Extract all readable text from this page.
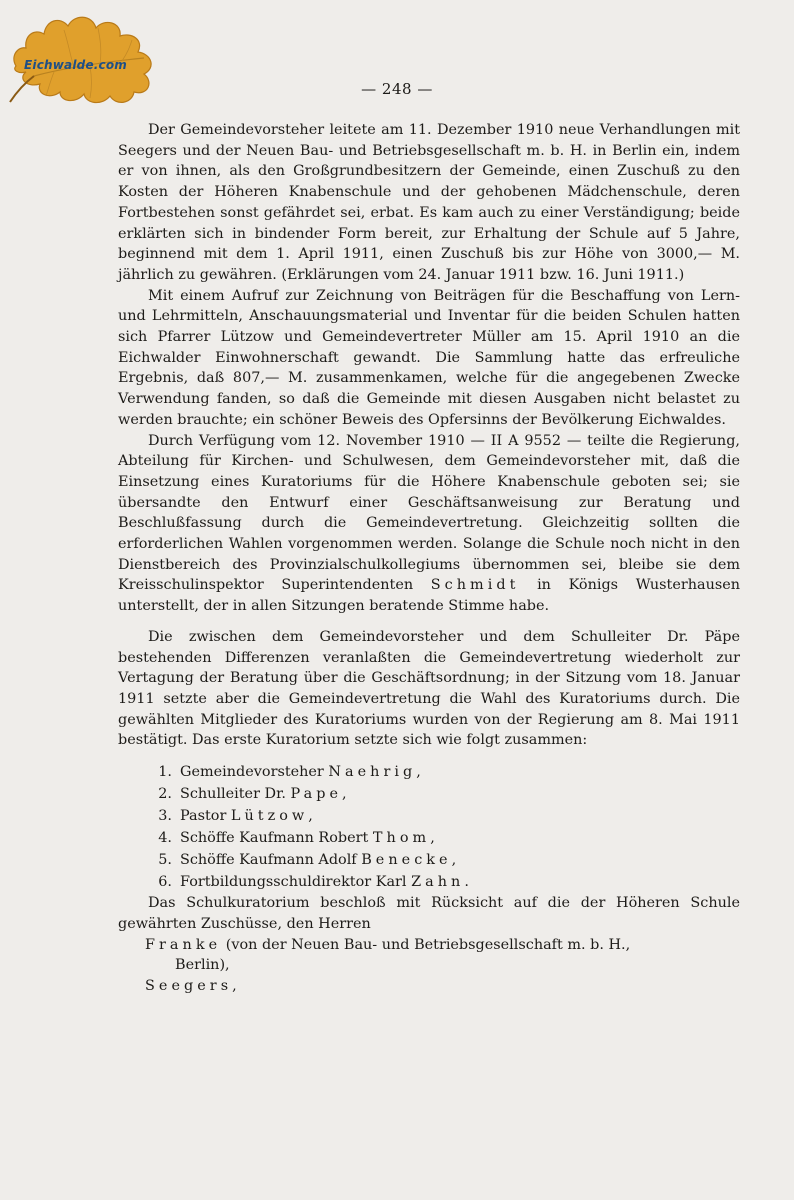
Eichwalde.com
— 248 —

Der Gemeindevorsteher leitete am 11. Dezember 1910 neue Verhandlungen mit Seegers und der Neuen Bau- und Betriebsgesellschaft m. b. H. in Berlin ein, indem er von ihnen, als den Großgrundbesitzern der Gemeinde, einen Zuschuß zu den Kosten der Höheren Knabenschule und der gehobenen Mädchenschule, deren Fortbestehen sonst gefährdet sei, erbat. Es kam auch zu einer Verständigung; beide erklärten sich in bindender Form bereit, zur Erhaltung der Schule auf 5 Jahre, beginnend mit dem 1. April 1911, einen Zuschuß bis zur Höhe von 3000,— M. jährlich zu gewähren. (Erklärungen vom 24. Januar 1911 bzw. 16. Juni 1911.)

Mit einem Aufruf zur Zeichnung von Beiträgen für die Beschaffung von Lern- und Lehrmitteln, Anschauungsmaterial und Inventar für die beiden Schulen hatten sich Pfarrer Lützow und Gemeindevertreter Müller am 15. April 1910 an die Eichwalder Einwohnerschaft gewandt. Die Sammlung hatte das erfreuliche Ergebnis, daß 807,— M. zusammenkamen, welche für die angegebenen Zwecke Verwendung fanden, so daß die Gemeinde mit diesen Ausgaben nicht belastet zu werden brauchte; ein schöner Beweis des Opfersinns der Bevölkerung Eichwaldes.

Durch Verfügung vom 12. November 1910 — II A 9552 — teilte die Regierung, Abteilung für Kirchen- und Schulwesen, dem Gemeindevorsteher mit, daß die Einsetzung eines Kuratoriums für die Höhere Knabenschule geboten sei; sie übersandte den Entwurf einer Geschäftsanweisung zur Beratung und Beschlußfassung durch die Gemeindevertretung. Gleichzeitig sollten die erforderlichen Wahlen vorgenommen werden. Solange die Schule noch nicht in den Dienstbereich des Provinzialschulkollegiums übernommen sei, bleibe sie dem Kreisschulinspektor Superintendenten Schmidt in Königs Wusterhausen unterstellt, der in allen Sitzungen beratende Stimme habe.

Die zwischen dem Gemeindevorsteher und dem Schulleiter Dr. Päpe bestehenden Differenzen veranlaßten die Gemeindevertretung wiederholt zur Vertagung der Beratung über die Geschäftsordnung; in der Sitzung vom 18. Januar 1911 setzte aber die Gemeindevertretung die Wahl des Kuratoriums durch. Die gewählten Mitglieder des Kuratoriums wurden von der Regierung am 8. Mai 1911 bestätigt. Das erste Kuratorium setzte sich wie folgt zusammen:

1. Gemeindevorsteher Naehrig,
2. Schulleiter Dr. Pape,
3. Pastor Lützow,
4. Schöffe Kaufmann Robert Thom,
5. Schöffe Kaufmann Adolf Benecke,
6. Fortbildungsschuldirektor Karl Zahn.

Das Schulkuratorium beschloß mit Rücksicht auf die der Höheren Schule gewährten Zuschüsse, den Herren

Franke (von der Neuen Bau- und Betriebsgesellschaft m. b. H.,
Berlin),
Seegers,
